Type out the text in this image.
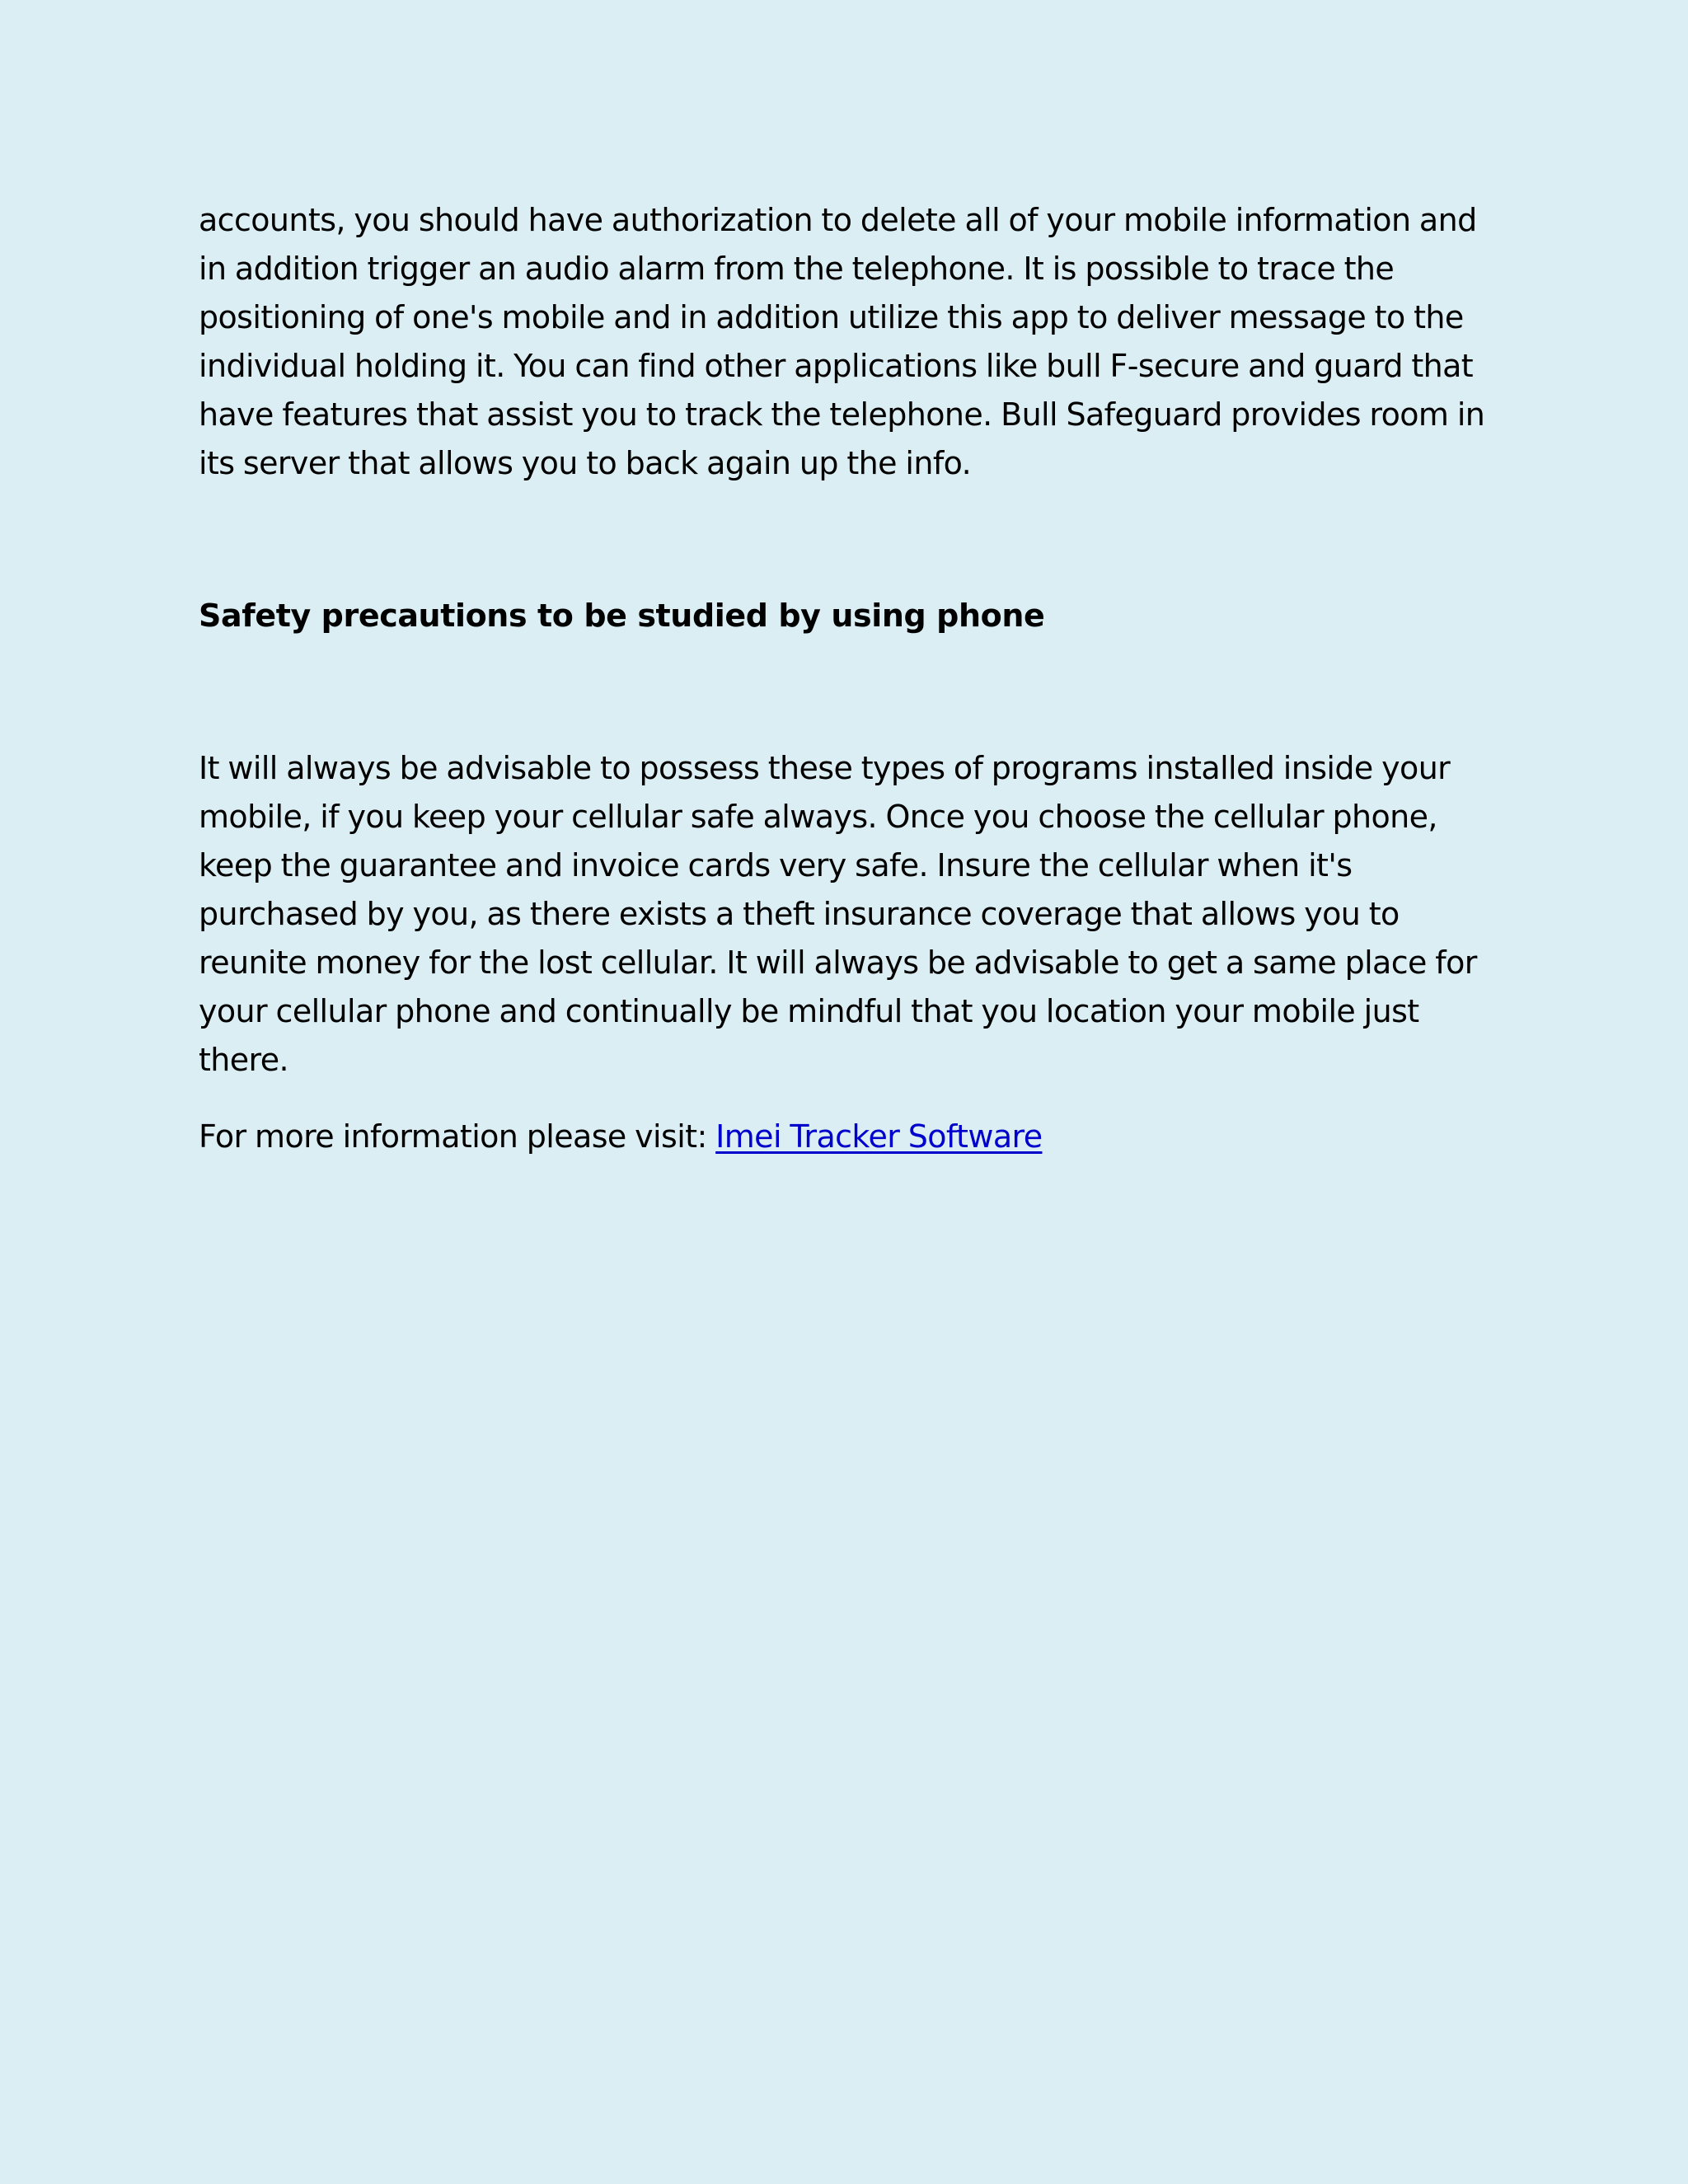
accounts, you should have authorization to delete all of your mobile information and in addition trigger an audio alarm from the telephone. It is possible to trace the positioning of one's mobile and in addition utilize this app to deliver message to the individual holding it. You can find other applications like bull F-secure and guard that have features that assist you to track the telephone. Bull Safeguard provides room in its server that allows you to back again up the info.

Safety precautions to be studied by using phone

It will always be advisable to possess these types of programs installed inside your mobile, if you keep your cellular safe always. Once you choose the cellular phone, keep the guarantee and invoice cards very safe. Insure the cellular when it's purchased by you, as there exists a theft insurance coverage that allows you to reunite money for the lost cellular. It will always be advisable to get a same place for your cellular phone and continually be mindful that you location your mobile just there.

For more information please visit: Imei Tracker Software
